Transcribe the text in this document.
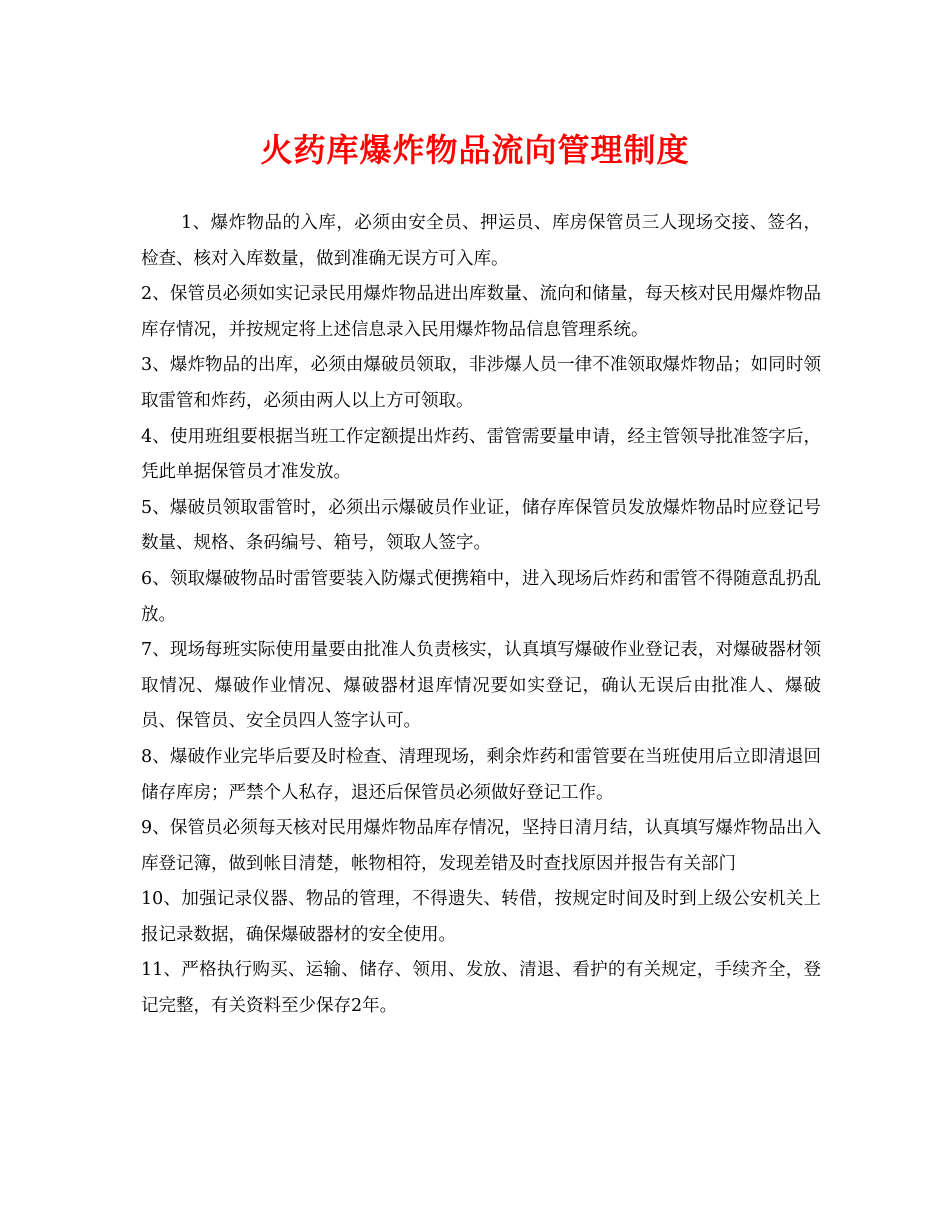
火药库爆炸物品流向管理制度

1、爆炸物品的入库，必须由安全员、押运员、库房保管员三人现场交接、签名，检查、核对入库数量，做到准确无误方可入库。

2、保管员必须如实记录民用爆炸物品进出库数量、流向和储量，每天核对民用爆炸物品库存情况，并按规定将上述信息录入民用爆炸物品信息管理系统。

3、爆炸物品的出库，必须由爆破员领取，非涉爆人员一律不准领取爆炸物品；如同时领取雷管和炸药，必须由两人以上方可领取。

4、使用班组要根据当班工作定额提出炸药、雷管需要量申请，经主管领导批准签字后，凭此单据保管员才准发放。

5、爆破员领取雷管时，必须出示爆破员作业证，储存库保管员发放爆炸物品时应登记号数量、规格、条码编号、箱号，领取人签字。

6、领取爆破物品时雷管要装入防爆式便携箱中，进入现场后炸药和雷管不得随意乱扔乱放。

7、现场每班实际使用量要由批准人负责核实，认真填写爆破作业登记表，对爆破器材领取情况、爆破作业情况、爆破器材退库情况要如实登记，确认无误后由批准人、爆破员、保管员、安全员四人签字认可。

8、爆破作业完毕后要及时检查、清理现场，剩余炸药和雷管要在当班使用后立即清退回储存库房；严禁个人私存，退还后保管员必须做好登记工作。

9、保管员必须每天核对民用爆炸物品库存情况，坚持日清月结，认真填写爆炸物品出入库登记簿，做到帐目清楚，帐物相符，发现差错及时查找原因并报告有关部门

10、加强记录仪器、物品的管理，不得遗失、转借，按规定时间及时到上级公安机关上报记录数据，确保爆破器材的安全使用。

11、严格执行购买、运输、储存、领用、发放、清退、看护的有关规定，手续齐全，登记完整，有关资料至少保存2年。
